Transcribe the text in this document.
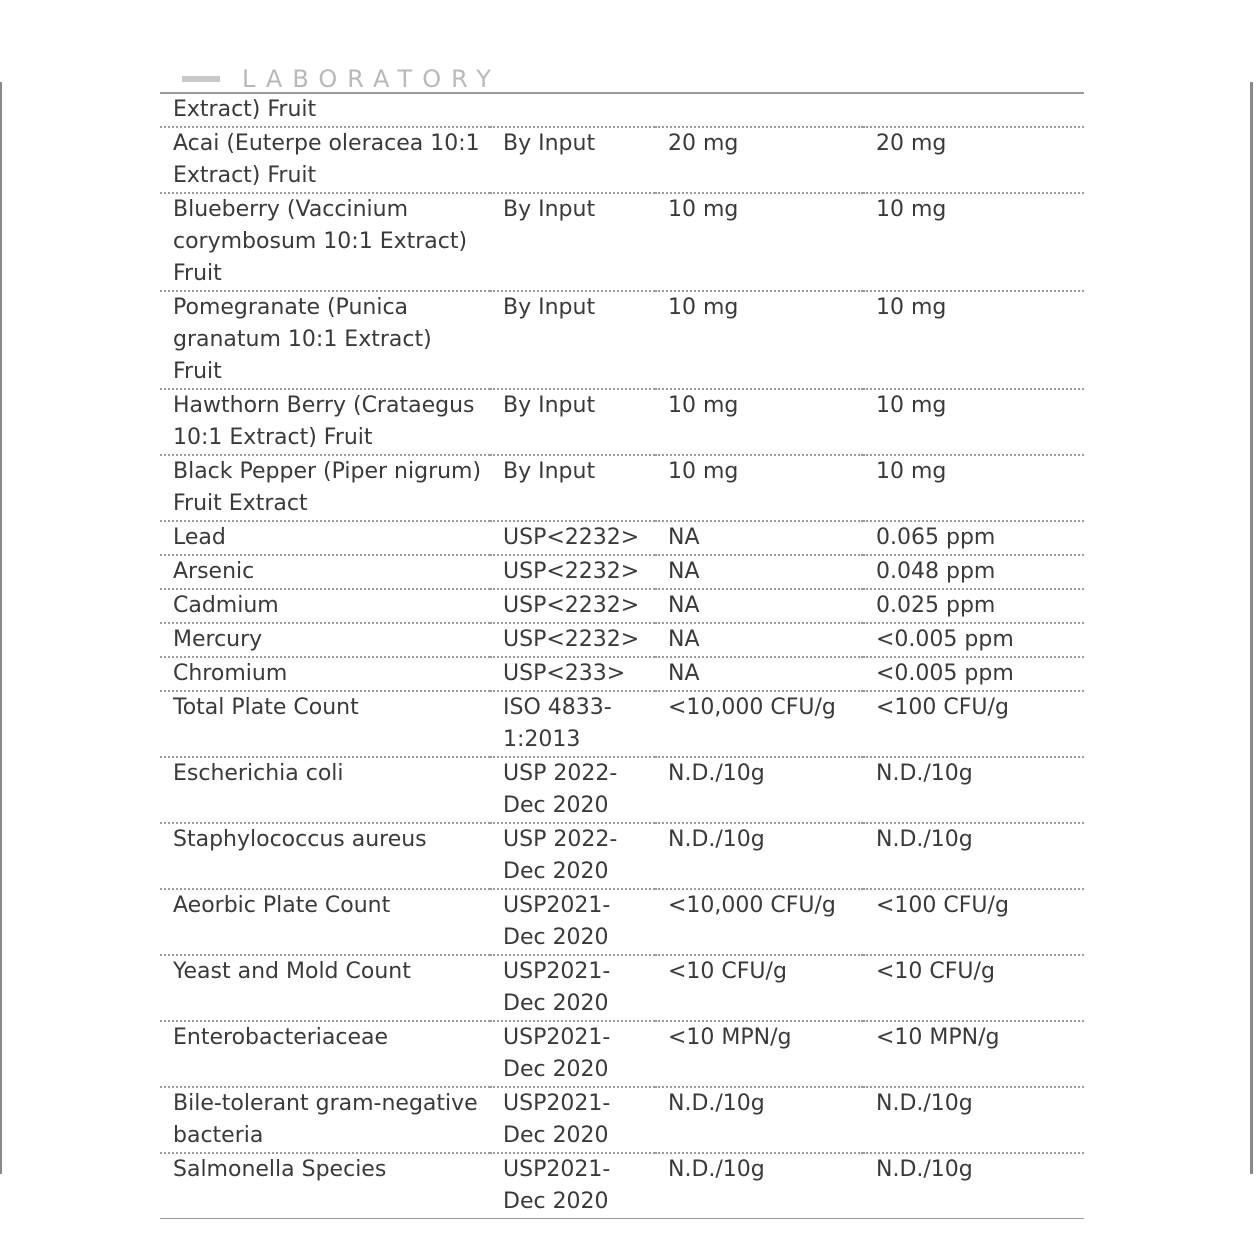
LABORATORY
Extract) Fruit			
Acai (Euterpe oleracea 10:1 Extract) Fruit	By Input	20 mg	20 mg
Blueberry (Vaccinium corymbosum 10:1 Extract) Fruit	By Input	10 mg	10 mg
Pomegranate (Punica granatum 10:1 Extract) Fruit	By Input	10 mg	10 mg
Hawthorn Berry (Crataegus 10:1 Extract) Fruit	By Input	10 mg	10 mg
Black Pepper (Piper nigrum) Fruit Extract	By Input	10 mg	10 mg
Lead	USP<2232>	NA	0.065 ppm
Arsenic	USP<2232>	NA	0.048 ppm
Cadmium	USP<2232>	NA	0.025 ppm
Mercury	USP<2232>	NA	<0.005 ppm
Chromium	USP<233>	NA	<0.005 ppm
Total Plate Count	ISO 4833-1:2013	<10,000 CFU/g	<100 CFU/g
Escherichia coli	USP 2022- Dec 2020	N.D./10g	N.D./10g
Staphylococcus aureus	USP 2022- Dec 2020	N.D./10g	N.D./10g
Aeorbic Plate Count	USP2021- Dec 2020	<10,000 CFU/g	<100 CFU/g
Yeast and Mold Count	USP2021- Dec 2020	<10 CFU/g	<10 CFU/g
Enterobacteriaceae	USP2021- Dec 2020	<10 MPN/g	<10 MPN/g
Bile-tolerant gram-negative bacteria	USP2021- Dec 2020	N.D./10g	N.D./10g
Salmonella Species	USP2021- Dec 2020	N.D./10g	N.D./10g
